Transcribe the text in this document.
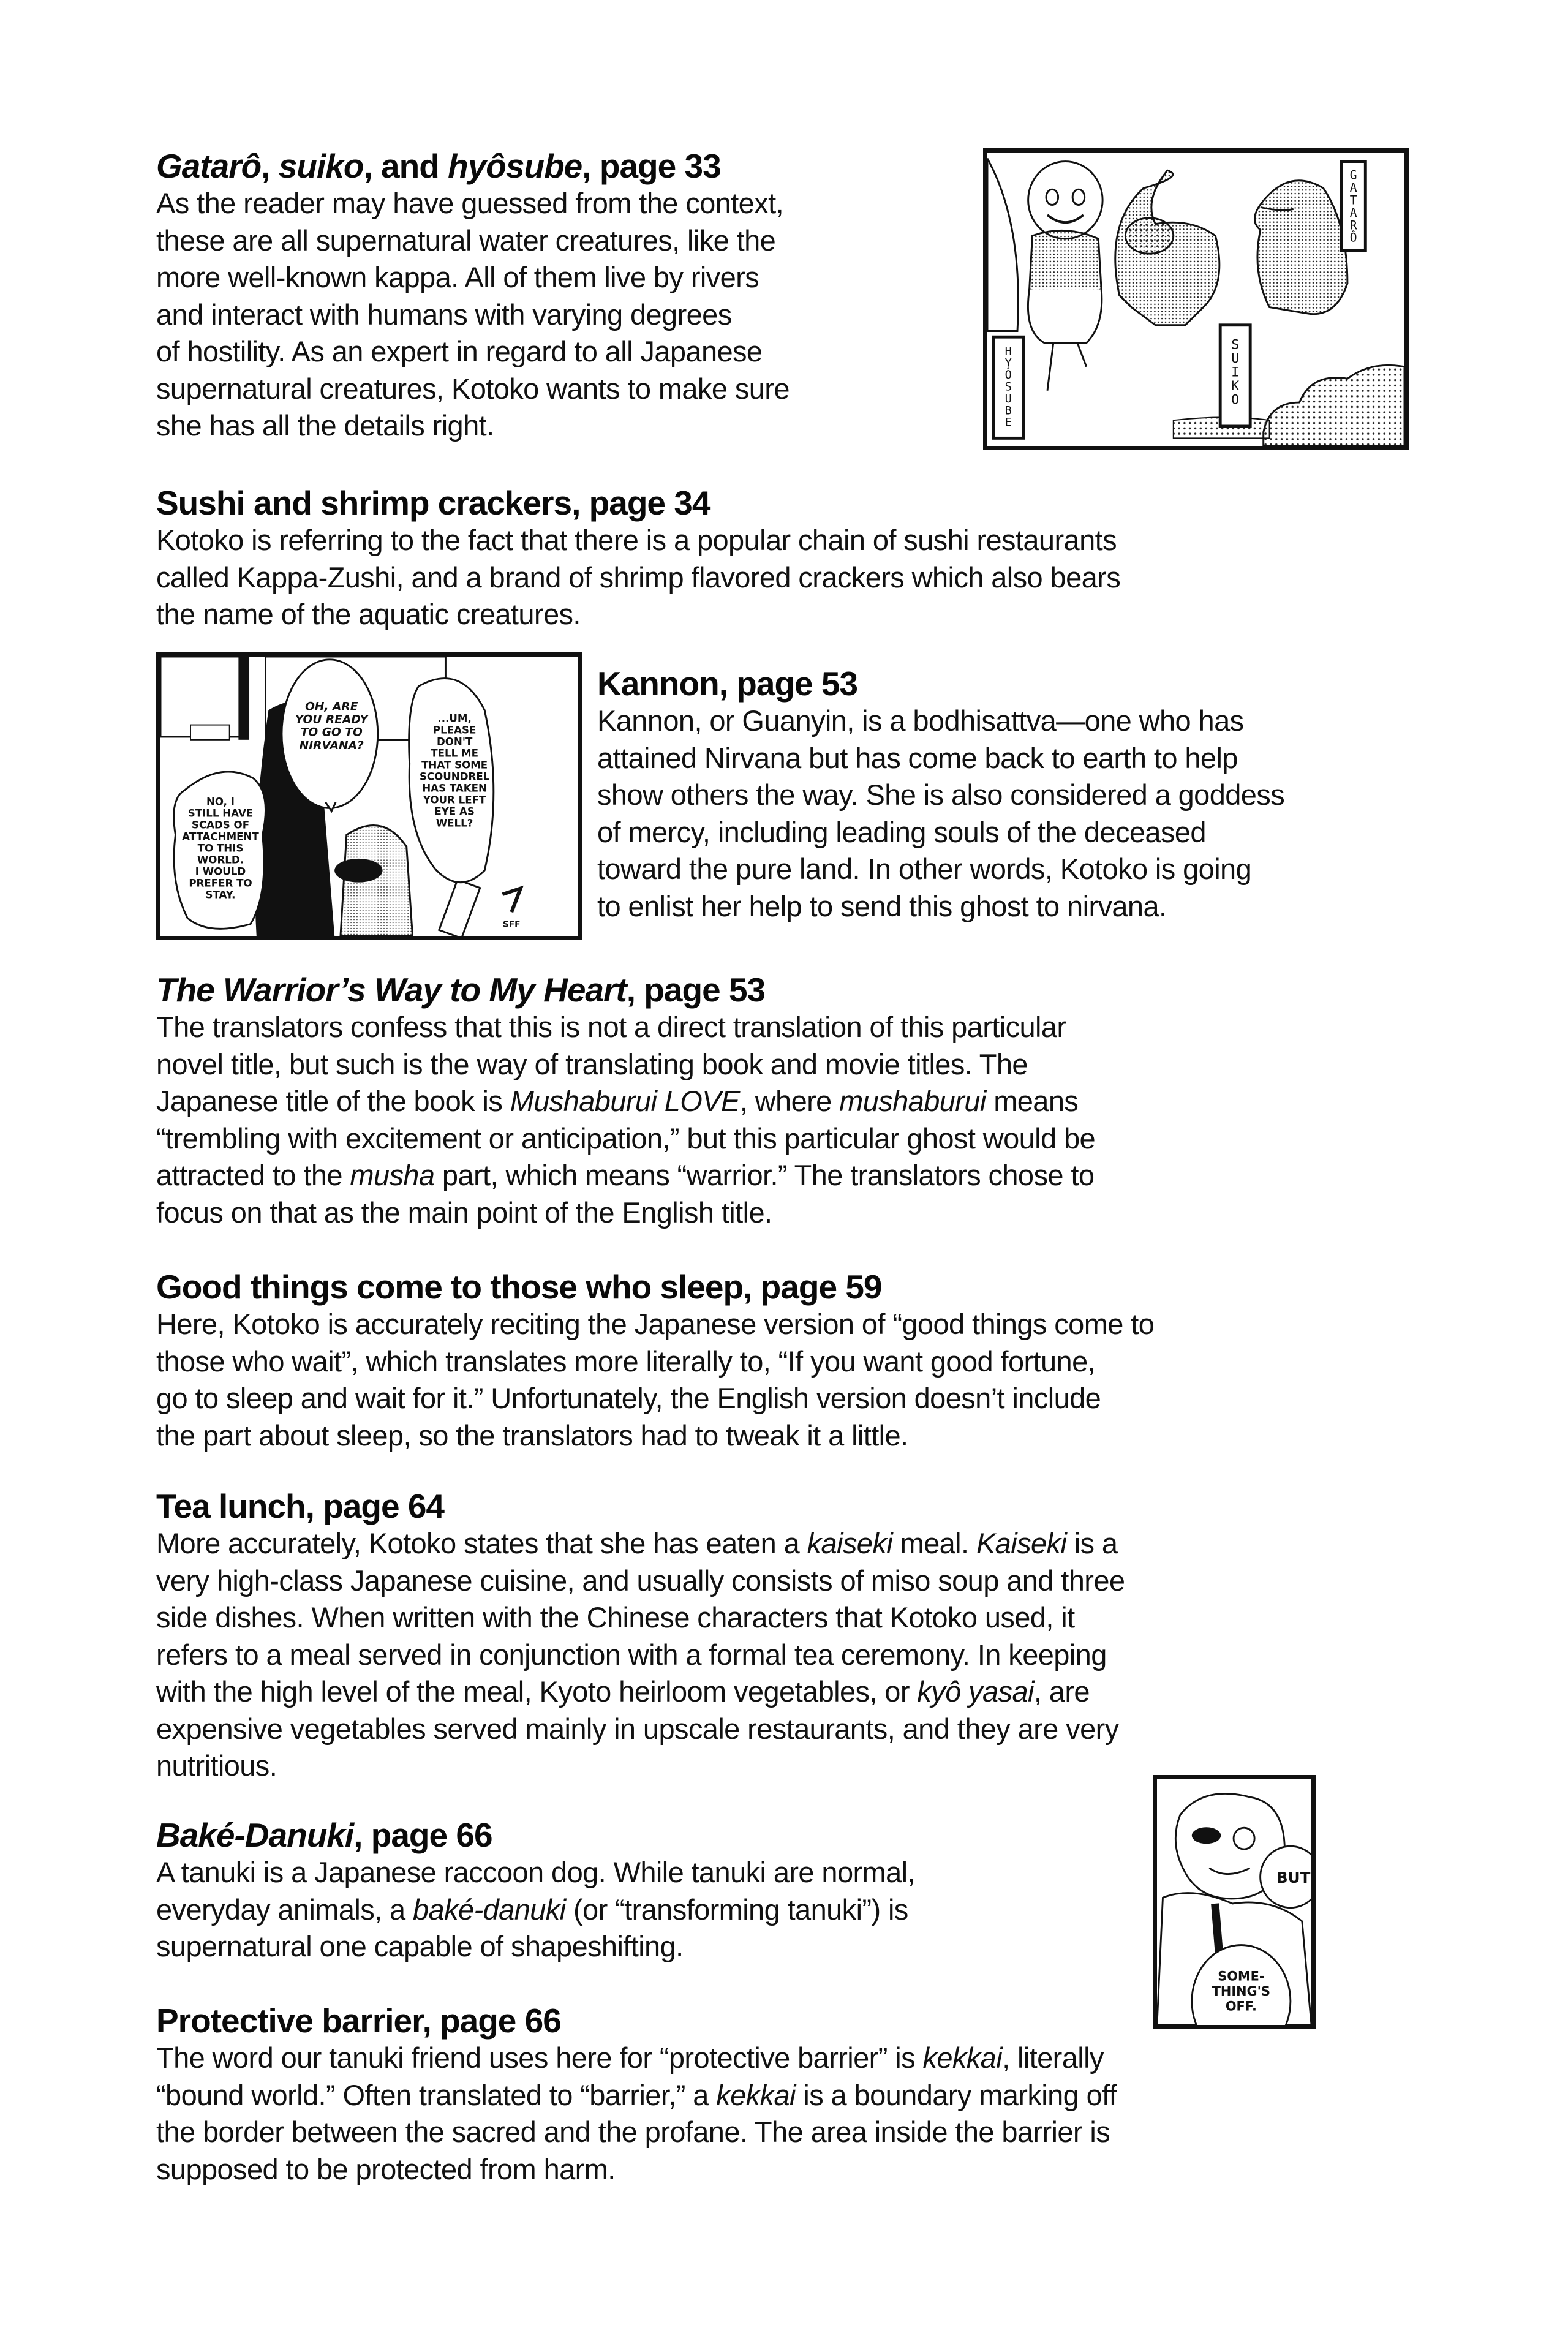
Gatarô, suiko, and hyôsube, page 33
As the reader may have guessed from the context,
these are all supernatural water creatures, like the
more well-known kappa. All of them live by rivers
and interact with humans with varying degrees
of hostility. As an expert in regard to all Japanese
supernatural creatures, Kotoko wants to make sure
she has all the details right.
G A T A R Ô
S U I K O
H Y Ô S U B E
Sushi and shrimp crackers, page 34
Kotoko is referring to the fact that there is a popular chain of sushi restaurants
called Kappa-Zushi, and a brand of shrimp flavored crackers which also bears
the name of the aquatic creatures.
NO, I STILL HAVE SCADS OF ATTACHMENT TO THIS WORLD. I WOULD PREFER TO STAY.
OH, ARE YOU READY TO GO TO NIRVANA?
...UM, PLEASE DON'T TELL ME THAT SOME SCOUNDREL HAS TAKEN YOUR LEFT EYE AS WELL?
SFF
Kannon, page 53
Kannon, or Guanyin, is a bodhisattva—one who has
attained Nirvana but has come back to earth to help
show others the way. She is also considered a goddess
of mercy, including leading souls of the deceased
toward the pure land. In other words, Kotoko is going
to enlist her help to send this ghost to nirvana.
The Warrior’s Way to My Heart, page 53
The translators confess that this is not a direct translation of this particular
novel title, but such is the way of translating book and movie titles. The
Japanese title of the book is Mushaburui LOVE, where mushaburui means
“trembling with excitement or anticipation,” but this particular ghost would be
attracted to the musha part, which means “warrior.” The translators chose to
focus on that as the main point of the English title.
Good things come to those who sleep, page 59
Here, Kotoko is accurately reciting the Japanese version of “good things come to
those who wait”, which translates more literally to, “If you want good fortune,
go to sleep and wait for it.” Unfortunately, the English version doesn’t include
the part about sleep, so the translators had to tweak it a little.
Tea lunch, page 64
More accurately, Kotoko states that she has eaten a kaiseki meal. Kaiseki is a
very high-class Japanese cuisine, and usually consists of miso soup and three
side dishes. When written with the Chinese characters that Kotoko used, it
refers to a meal served in conjunction with a formal tea ceremony. In keeping
with the high level of the meal, Kyoto heirloom vegetables, or kyô yasai, are
expensive vegetables served mainly in upscale restaurants, and they are very
nutritious.
BUT
SOME-THING'S OFF.
Baké-Danuki, page 66
A tanuki is a Japanese raccoon dog. While tanuki are normal,
everyday animals, a baké-danuki (or “transforming tanuki”) is
supernatural one capable of shapeshifting.
Protective barrier, page 66
The word our tanuki friend uses here for “protective barrier” is kekkai, literally
“bound world.” Often translated to “barrier,” a kekkai is a boundary marking off
the border between the sacred and the profane. The area inside the barrier is
supposed to be protected from harm.
